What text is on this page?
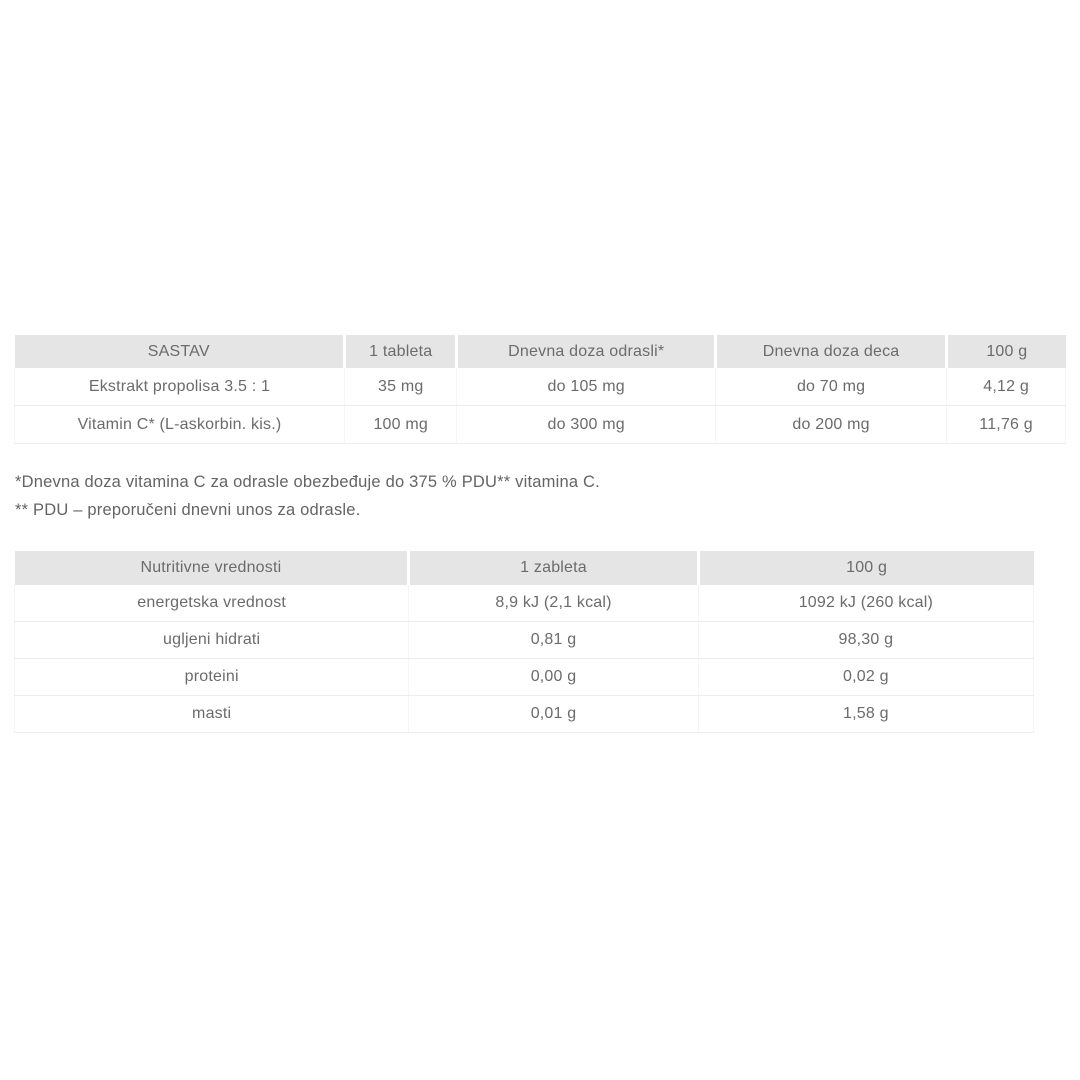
SASTAV	1 tableta	Dnevna doza odrasli*	Dnevna doza deca	100 g
Ekstrakt propolisa 3.5 : 1	35 mg	do 105 mg	do 70 mg	4,12 g
Vitamin C* (L-askorbin. kis.)	100 mg	do 300 mg	do 200 mg	11,76 g

*Dnevna doza vitamina C za odrasle obezbeđuje do 375 % PDU** vitamina C.

** PDU – preporučeni dnevni unos za odrasle.

Nutritivne vrednosti	1 zableta	100 g
energetska vrednost	8,9 kJ (2,1 kcal)	1092 kJ (260 kcal)
ugljeni hidrati	0,81 g	98,30 g
proteini	0,00 g	0,02 g
masti	0,01 g	1,58 g
